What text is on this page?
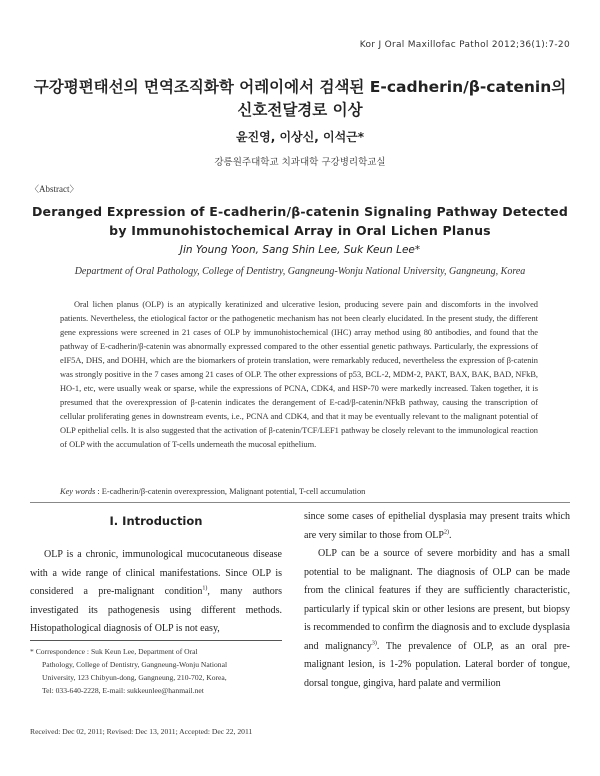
Kor J Oral Maxillofac Pathol 2012;36(1):7-20
구강평편태선의 면역조직화학 어레이에서 검색된 E-cadherin/β-catenin의 신호전달경로 이상
윤진영, 이상신, 이석근*
강릉원주대학교 치과대학 구강병리학교실
〈Abstract〉
Deranged Expression of E-cadherin/β-catenin Signaling Pathway Detected by Immunohistochemical Array in Oral Lichen Planus
Jin Young Yoon, Sang Shin Lee, Suk Keun Lee*
Department of Oral Pathology, College of Dentistry, Gangneung-Wonju National University, Gangneung, Korea

Oral lichen planus (OLP) is an atypically keratinized and ulcerative lesion, producing severe pain and discomforts in the involved patients. Nevertheless, the etiological factor or the pathogenetic mechanism has not been clearly elucidated. In the present study, the different gene expressions were screened in 21 cases of OLP by immunohistochemical (IHC) array method using 80 antibodies, and found that the pathway of E-cadherin/β-catenin was abnormally expressed compared to the other essential genetic pathways. Particularly, the expressions of eIF5A, DHS, and DOHH, which are the biomarkers of protein translation, were remarkably reduced, nevertheless the expression of β-catenin was strongly positive in the 7 cases among 21 cases of OLP. The other expressions of p53, BCL-2, MDM-2, PAKT, BAX, BAK, BAD, NFkB, HO-1, etc, were usually weak or sparse, while the expressions of PCNA, CDK4, and HSP-70 were markedly increased. Taken together, it is presumed that the overexpression of β-catenin indicates the derangement of E-cad/β-catenin/NFkB pathway, causing the transcription of cellular proliferating genes in downstream events, i.e., PCNA and CDK4, and that it may be eventually relevant to the malignant potential of OLP epithelial cells. It is also suggested that the activation of β-catenin/TCF/LEF1 pathway be closely relevant to the immunological reaction of OLP with the accumulation of T-cells underneath the mucosal epithelium.

Key words : E-cadherin/β-catenin overexpression, Malignant potential, T-cell accumulation
Ⅰ. Introduction

OLP is a chronic, immunological mucocutaneous disease with a wide range of clinical manifestations. Since OLP is considered a pre-malignant condition$^{1)}$, many authors investigated its pathogenesis using different methods. Histopathological diagnosis of OLP is not easy,

since some cases of epithelial dysplasia may present traits which are very similar to those from OLP$^{2)}$.

OLP can be a source of severe morbidity and has a small potential to be malignant. The diagnosis of OLP can be made from the clinical features if they are sufficiently characteristic, particularly if typical skin or other lesions are present, but biopsy is recommended to confirm the diagnosis and to exclude dysplasia and malignancy$^{3)}$. The prevalence of OLP, as an oral pre-malignant lesion, is 1-2% population. Lateral border of tongue, dorsal tongue, gingiva, hard palate and vermilion

* Correspondence : Suk Keun Lee, Department of Oral

Pathology, College of Dentistry, Gangneung-Wonju National

University, 123 Chibyun-dong, Gangneung, 210-702, Korea,

Tel: 033-640-2228, E-mail: sukkeunlee@hanmail.net

Received: Dec 02, 2011; Revised: Dec 13, 2011; Accepted: Dec 22, 2011
